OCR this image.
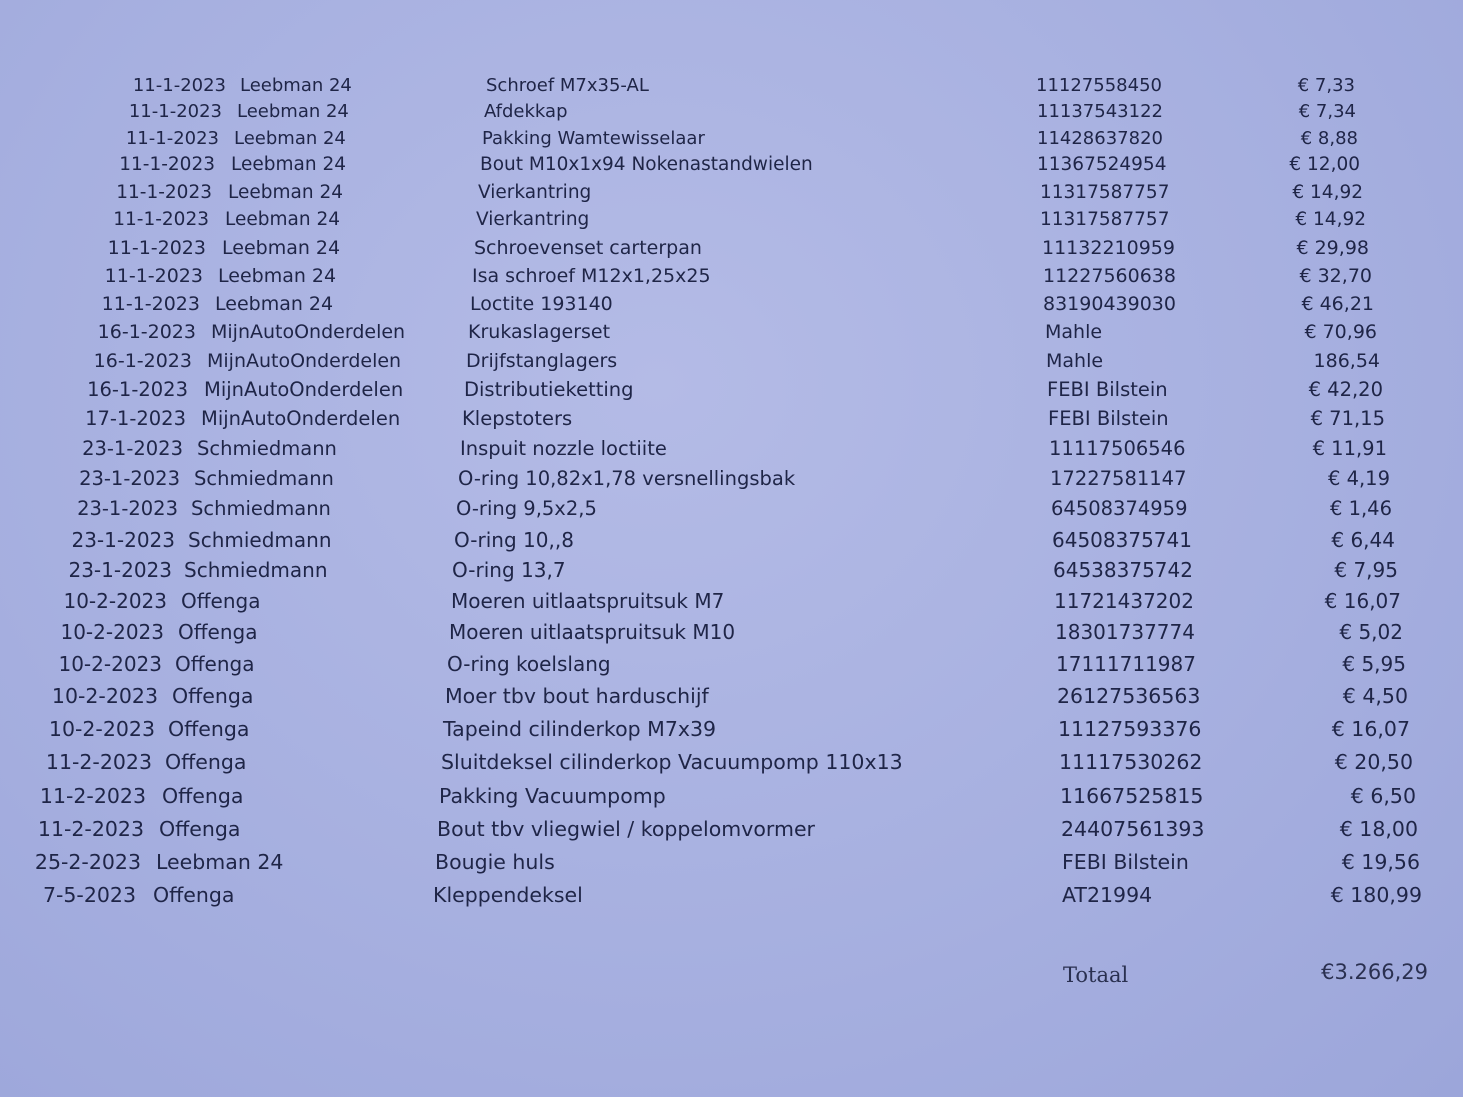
11-1-2023 Leebman 24	Schroef M7x35-AL	11127558450	€ 7,33
11-1-2023 Leebman 24	Afdekkap	11137543122	€ 7,34
11-1-2023 Leebman 24	Pakking Wamtewisselaar	11428637820	€ 8,88
11-1-2023 Leebman 24	Bout M10x1x94 Nokenastandwielen	11367524954	€ 12,00
11-1-2023 Leebman 24	Vierkantring	11317587757	€ 14,92
11-1-2023 Leebman 24	Vierkantring	11317587757	€ 14,92
11-1-2023 Leebman 24	Schroevenset carterpan	11132210959	€ 29,98
11-1-2023 Leebman 24	Isa schroef M12x1,25x25	11227560638	€ 32,70
11-1-2023 Leebman 24	Loctite 193140	83190439030	€ 46,21
16-1-2023 MijnAutoOnderdelen	Krukaslagerset	Mahle	€ 70,96
16-1-2023 MijnAutoOnderdelen	Drijfstanglagers	Mahle	186,54
16-1-2023 MijnAutoOnderdelen	Distributieketting	FEBI Bilstein	€ 42,20
17-1-2023 MijnAutoOnderdelen	Klepstoters	FEBI Bilstein	€ 71,15
23-1-2023 Schmiedmann	Inspuit nozzle loctiite	11117506546	€ 11,91
23-1-2023 Schmiedmann	O-ring 10,82x1,78 versnellingsbak	17227581147	€ 4,19
23-1-2023 Schmiedmann	O-ring 9,5x2,5	64508374959	€ 1,46
23-1-2023 Schmiedmann	O-ring 10,,8	64508375741	€ 6,44
23-1-2023 Schmiedmann	O-ring 13,7	64538375742	€ 7,95
10-2-2023 Offenga	Moeren uitlaatspruitsuk M7	11721437202	€ 16,07
10-2-2023 Offenga	Moeren uitlaatspruitsuk M10	18301737774	€ 5,02
10-2-2023 Offenga	O-ring koelslang	17111711987	€ 5,95
10-2-2023 Offenga	Moer tbv bout harduschijf	26127536563	€ 4,50
10-2-2023 Offenga	Tapeind cilinderkop M7x39	11127593376	€ 16,07
11-2-2023 Offenga	Sluitdeksel cilinderkop Vacuumpomp 110x13	11117530262	€ 20,50
11-2-2023 Offenga	Pakking Vacuumpomp	11667525815	€ 6,50
11-2-2023 Offenga	Bout tbv vliegwiel / koppelomvormer	24407561393	€ 18,00
25-2-2023 Leebman 24	Bougie huls	FEBI Bilstein	€ 19,56
7-5-2023 Offenga	Kleppendeksel	AT21994	€ 180,99
Totaal	€3.266,29
